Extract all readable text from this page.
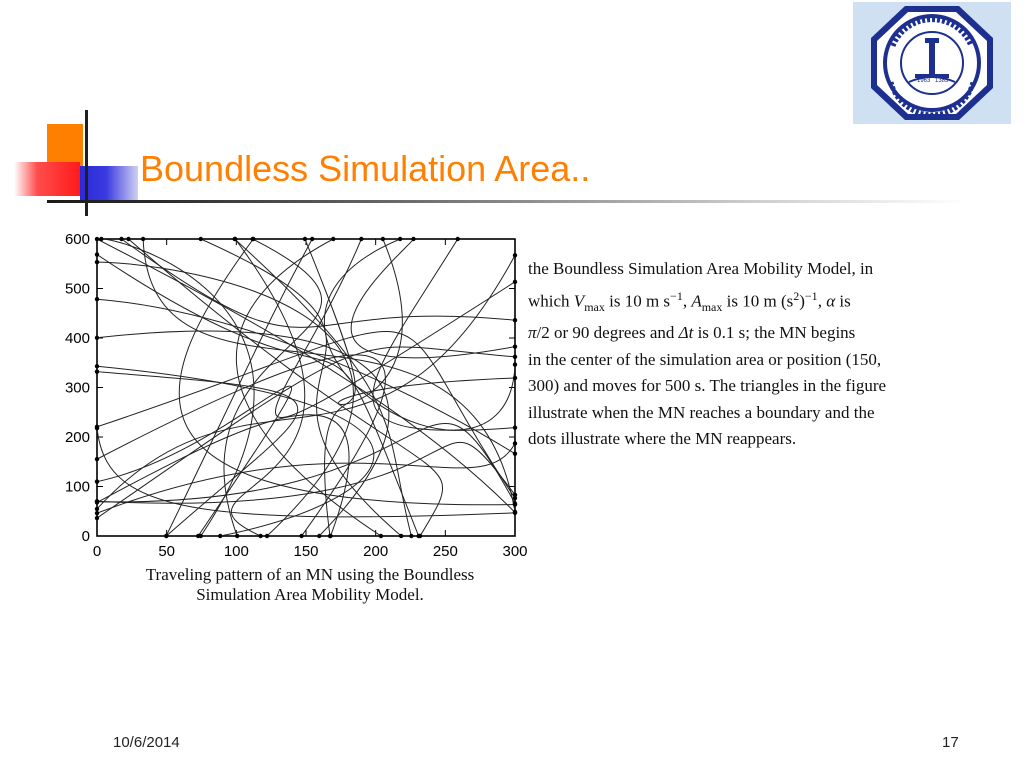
Boundless Simulation Area..
1963 1383
0	50	100	150	200	250	300
0
100
200
300
400
500
600
Traveling pattern of an MN using the Boundless
Simulation Area Mobility Model.
the Boundless Simulation Area Mobility Model, in
which $V_{max}$ is 10 m $s^{-1}$, $A_{max}$ is 10 m $(s^2)^{-1}$, α is
π/2 or 90 degrees and Δt is 0.1 s; the MN begins
in the center of the simulation area or position (150,
300) and moves for 500 s. The triangles in the figure
illustrate when the MN reaches a boundary and the
dots illustrate where the MN reappears.
10/6/2014	17
